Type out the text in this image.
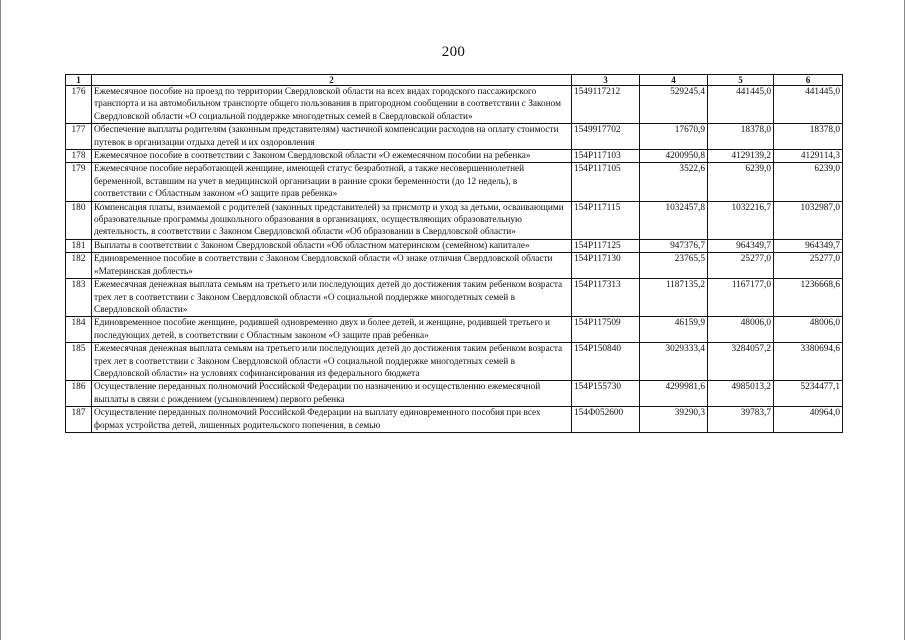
200
1	2	3	4	5	6
176	Ежемесячное пособие на проезд по территории Свердловской области на всех видах городского пассажирского транспорта и на автомобильном транспорте общего пользования в пригородном сообщении в соответствии с Законом Свердловской области «О социальной поддержке многодетных семей в Свердловской области»	1549117212	529245,4	441445,0	441445,0
177	Обеспечение выплаты родителям (законным представителям) частичной компенсации расходов на оплату стоимости путевок в организации отдыха детей и их оздоровления	1549917702	17670,9	18378,0	18378,0
178	Ежемесячное пособие в соответствии с Законом Свердловской области «О ежемесячном пособии на ребенка»	154P117103	4200950,8	4129139,2	4129114,3
179	Ежемесячное пособие неработающей женщине, имеющей статус безработной, а также несовершеннолетней беременной, вставшим на учет в медицинской организации в ранние сроки беременности (до 12 недель), в соответствии с Областным законом «О защите прав ребенка»	154P117105	3522,6	6239,0	6239,0
180	Компенсация платы, взимаемой с родителей (законных представителей) за присмотр и уход за детьми, осваивающими образовательные программы дошкольного образования в организациях, осуществляющих образовательную деятельность, в соответствии с Законом Свердловской области «Об образовании в Свердловской области»	154P117115	1032457,8	1032216,7	1032987,0
181	Выплаты в соответствии с Законом Свердловской области «Об областном материнском (семейном) капитале»	154P117125	947376,7	964349,7	964349,7
182	Единовременное пособие в соответствии с Законом Свердловской области «О знаке отличия Свердловской области «Материнская доблесть»	154P117130	23765,5	25277,0	25277,0
183	Ежемесячная денежная выплата семьям на третьего или последующих детей до достижения таким ребенком возраста трех лет в соответствии с Законом Свердловской области «О социальной поддержке многодетных семей в Свердловской области»	154P117313	1187135,2	1167177,0	1236668,6
184	Единовременное пособие женщине, родившей одновременно двух и более детей, и женщине, родившей третьего и последующих детей, в соответствии с Областным законом «О защите прав ребенка»	154P117509	46159,9	48006,0	48006,0
185	Ежемесячная денежная выплата семьям на третьего или последующих детей до достижения таким ребенком возраста трех лет в соответствии с Законом Свердловской области «О социальной поддержке многодетных семей в Свердловской области» на условиях софинансирования из федерального бюджета	154P150840	3029333,4	3284057,2	3380694,6
186	Осуществление переданных полномочий Российской Федерации по назначению и осуществлению ежемесячной выплаты в связи с рождением (усыновлением) первого ребенка	154P155730	4299981,6	4985013,2	5234477,1
187	Осуществление переданных полномочий Российской Федерации на выплату единовременного пособия при всех формах устройства детей, лишенных родительского попечения, в семью	154Ф052600	39290,3	39783,7	40964,0
